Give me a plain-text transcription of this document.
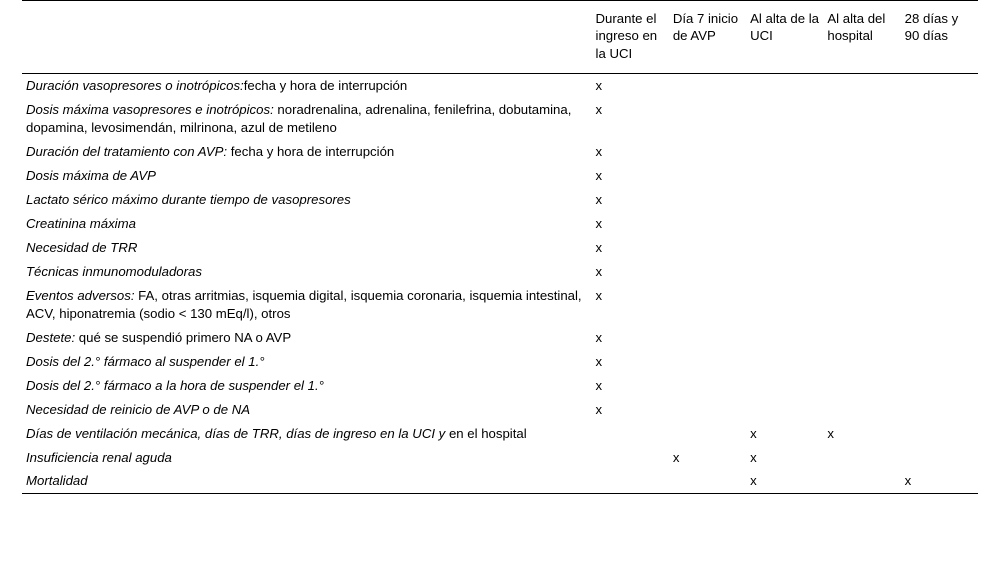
	Durante el ingreso en la UCI	Día 7 inicio de AVP	Al alta de la UCI	Al alta del hospital	28 días y 90 días
Duración vasopresores o inotrópicos:fecha y hora de interrupción	x				
Dosis máxima vasopresores e inotrópicos: noradrenalina, adrenalina, fenilefrina, dobutamina, dopamina, levosimendán, milrinona, azul de metileno	x				
Duración del tratamiento con AVP: fecha y hora de interrupción	x				
Dosis máxima de AVP	x				
Lactato sérico máximo durante tiempo de vasopresores	x				
Creatinina máxima	x				
Necesidad de TRR	x				
Técnicas inmunomoduladoras	x				
Eventos adversos: FA, otras arritmias, isquemia digital, isquemia coronaria, isquemia intestinal, ACV, hiponatremia (sodio < 130 mEq/l), otros	x				
Destete: qué se suspendió primero NA o AVP	x				
Dosis del 2.° fármaco al suspender el 1.°	x				
Dosis del 2.° fármaco a la hora de suspender el 1.°	x				
Necesidad de reinicio de AVP o de NA	x				
Días de ventilación mecánica, días de TRR, días de ingreso en la UCI y en el hospital			x	x	
Insuficiencia renal aguda		x	x		
Mortalidad			x		x
